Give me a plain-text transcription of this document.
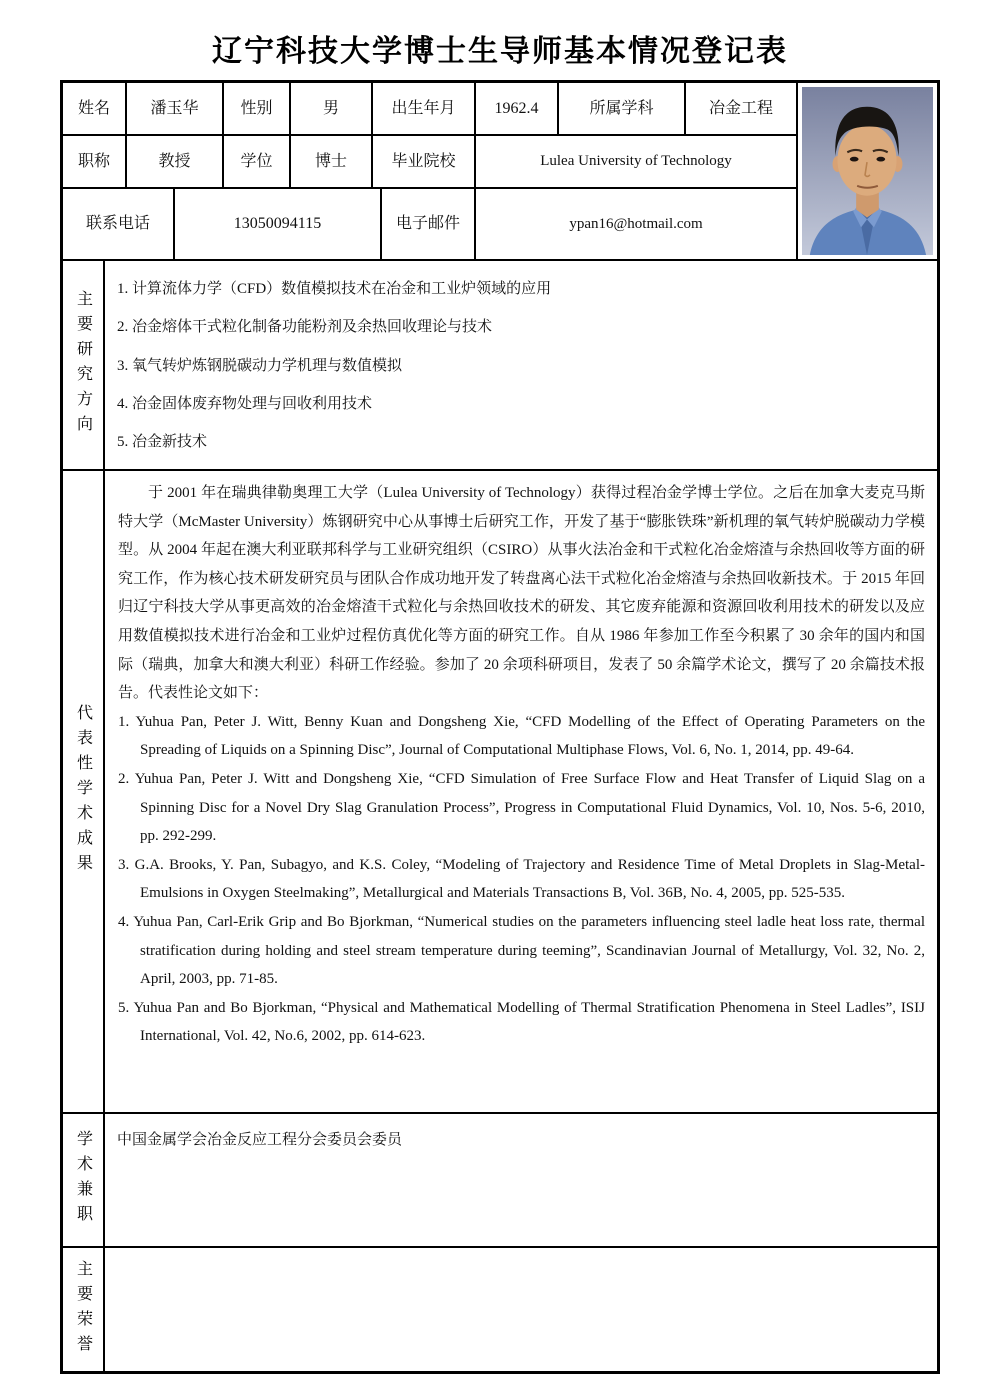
辽宁科技大学博士生导师基本情况登记表
姓名	潘玉华	性别	男	出生年月	1962.4	所属学科	冶金工程
职称	教授	学位	博士	毕业院校	Lulea University of Technology
联系电话	13050094115	电子邮件	ypan16@hotmail.com
主要研究方向
1. 计算流体力学（CFD）数值模拟技术在冶金和工业炉领域的应用
2. 冶金熔体干式粒化制备功能粉剂及余热回收理论与技术
3. 氧气转炉炼钢脱碳动力学机理与数值模拟
4. 冶金固体废弃物处理与回收利用技术
5. 冶金新技术
代表性学术成果

于 2001 年在瑞典律勒奥理工大学（Lulea University of Technology）获得过程冶金学博士学位。之后在加拿大麦克马斯特大学（McMaster University）炼钢研究中心从事博士后研究工作，开发了基于“膨胀铁珠”新机理的氧气转炉脱碳动力学模型。从 2004 年起在澳大利亚联邦科学与工业研究组织（CSIRO）从事火法冶金和干式粒化冶金熔渣与余热回收等方面的研究工作，作为核心技术研发研究员与团队合作成功地开发了转盘离心法干式粒化冶金熔渣与余热回收新技术。于 2015 年回归辽宁科技大学从事更高效的冶金熔渣干式粒化与余热回收技术的研发、其它废弃能源和资源回收利用技术的研发以及应用数值模拟技术进行冶金和工业炉过程仿真优化等方面的研究工作。自从 1986 年参加工作至今积累了 30 余年的国内和国际（瑞典，加拿大和澳大利亚）科研工作经验。参加了 20 余项科研项目，发表了 50 余篇学术论文，撰写了 20 余篇技术报告。代表性论文如下：

1. Yuhua Pan, Peter J. Witt, Benny Kuan and Dongsheng Xie, “CFD Modelling of the Effect of Operating Parameters on the Spreading of Liquids on a Spinning Disc”, Journal of Computational Multiphase Flows, Vol. 6, No. 1, 2014, pp. 49-64.
2. Yuhua Pan, Peter J. Witt and Dongsheng Xie, “CFD Simulation of Free Surface Flow and Heat Transfer of Liquid Slag on a Spinning Disc for a Novel Dry Slag Granulation Process”, Progress in Computational Fluid Dynamics, Vol. 10, Nos. 5-6, 2010, pp. 292-299.
3. G.A. Brooks, Y. Pan, Subagyo, and K.S. Coley, “Modeling of Trajectory and Residence Time of Metal Droplets in Slag-Metal-Emulsions in Oxygen Steelmaking”, Metallurgical and Materials Transactions B, Vol. 36B, No. 4, 2005, pp. 525-535.
4. Yuhua Pan, Carl-Erik Grip and Bo Bjorkman, “Numerical studies on the parameters influencing steel ladle heat loss rate, thermal stratification during holding and steel stream temperature during teeming”, Scandinavian Journal of Metallurgy, Vol. 32, No. 2, April, 2003, pp. 71-85.
5. Yuhua Pan and Bo Bjorkman, “Physical and Mathematical Modelling of Thermal Stratification Phenomena in Steel Ladles”, ISIJ International, Vol. 42, No.6, 2002, pp. 614-623.
学术兼职	中国金属学会冶金反应工程分会委员会委员
主要荣誉
